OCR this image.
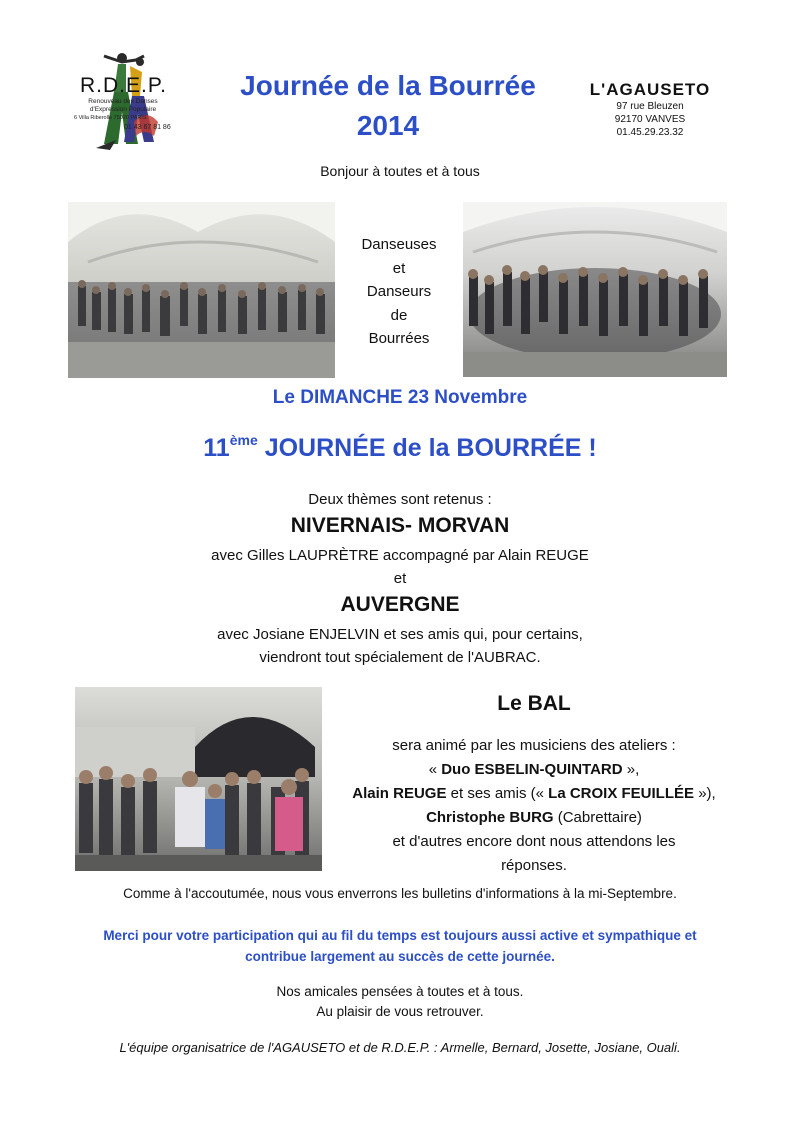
R.D.E.P.
Renouveau des Danses d'Expression Populaire
6 Villa Riberolle 75020 PARIS
01 43 67 81 86
Journée de la Bourrée
2014
L'AGAUSETO
97 rue Bleuzen
92170 VANVES
01.45.29.23.32
Bonjour à toutes et à tous
Danseuses
et
Danseurs
de
Bourrées
Le DIMANCHE 23 Novembre
11ème JOURNÉE de la BOURRÉE !
Deux thèmes sont retenus :
NIVERNAIS- MORVAN
avec Gilles LAUPRÈTRE accompagné par Alain REUGE
et
AUVERGNE
avec Josiane ENJELVIN et ses amis qui, pour certains,
viendront tout spécialement de l'AUBRAC.
Le BAL
sera animé par les musiciens des ateliers :
« Duo ESBELIN-QUINTARD »,
Alain REUGE et ses amis (« La CROIX FEUILLÉE »),
Christophe BURG (Cabrettaire)
et d'autres encore dont nous attendons les
réponses.
Comme à l'accoutumée, nous vous enverrons les bulletins d'informations à la mi-Septembre.
Merci pour votre participation qui au fil du temps est toujours aussi active et sympathique et
contribue largement au succès de cette journée.
Nos amicales pensées à toutes et à tous.
Au plaisir de vous retrouver.
L'équipe organisatrice de l'AGAUSETO et de R.D.E.P. : Armelle, Bernard, Josette, Josiane, Ouali.
